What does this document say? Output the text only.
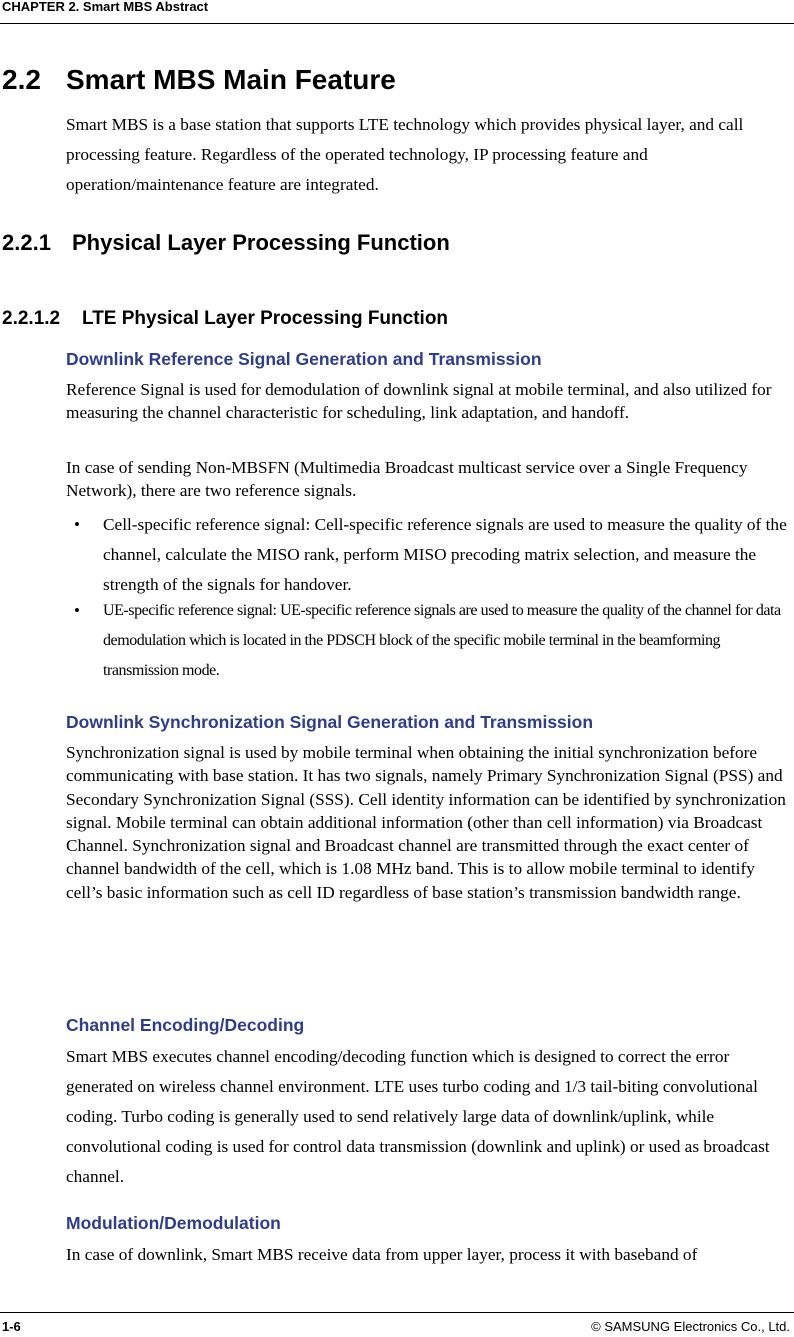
CHAPTER 2. Smart MBS Abstract
2.2 Smart MBS Main Feature

Smart MBS is a base station that supports LTE technology which provides physical layer, and call processing feature. Regardless of the operated technology, IP processing feature and operation/maintenance feature are integrated.

2.2.1 Physical Layer Processing Function
2.2.1.2 LTE Physical Layer Processing Function
Downlink Reference Signal Generation and Transmission

Reference Signal is used for demodulation of downlink signal at mobile terminal, and also utilized for measuring the channel characteristic for scheduling, link adaptation, and handoff.

In case of sending Non-MBSFN (Multimedia Broadcast multicast service over a Single Frequency Network), there are two reference signals.

• Cell-specific reference signal: Cell-specific reference signals are used to measure the quality of the channel, calculate the MISO rank, perform MISO precoding matrix selection, and measure the strength of the signals for handover.
• UE-specific reference signal: UE-specific reference signals are used to measure the quality of the channel for data demodulation which is located in the PDSCH block of the specific mobile terminal in the beamforming transmission mode.
Downlink Synchronization Signal Generation and Transmission

Synchronization signal is used by mobile terminal when obtaining the initial synchronization before communicating with base station. It has two signals, namely Primary Synchronization Signal (PSS) and Secondary Synchronization Signal (SSS). Cell identity information can be identified by synchronization signal. Mobile terminal can obtain additional information (other than cell information) via Broadcast Channel. Synchronization signal and Broadcast channel are transmitted through the exact center of channel bandwidth of the cell, which is 1.08 MHz band. This is to allow mobile terminal to identify cell’s basic information such as cell ID regardless of base station’s transmission bandwidth range.

Channel Encoding/Decoding

Smart MBS executes channel encoding/decoding function which is designed to correct the error generated on wireless channel environment. LTE uses turbo coding and 1/3 tail-biting convolutional coding. Turbo coding is generally used to send relatively large data of downlink/uplink, while convolutional coding is used for control data transmission (downlink and uplink) or used as broadcast channel.

Modulation/Demodulation

In case of downlink, Smart MBS receive data from upper layer, process it with baseband of

1-6	© SAMSUNG Electronics Co., Ltd.
